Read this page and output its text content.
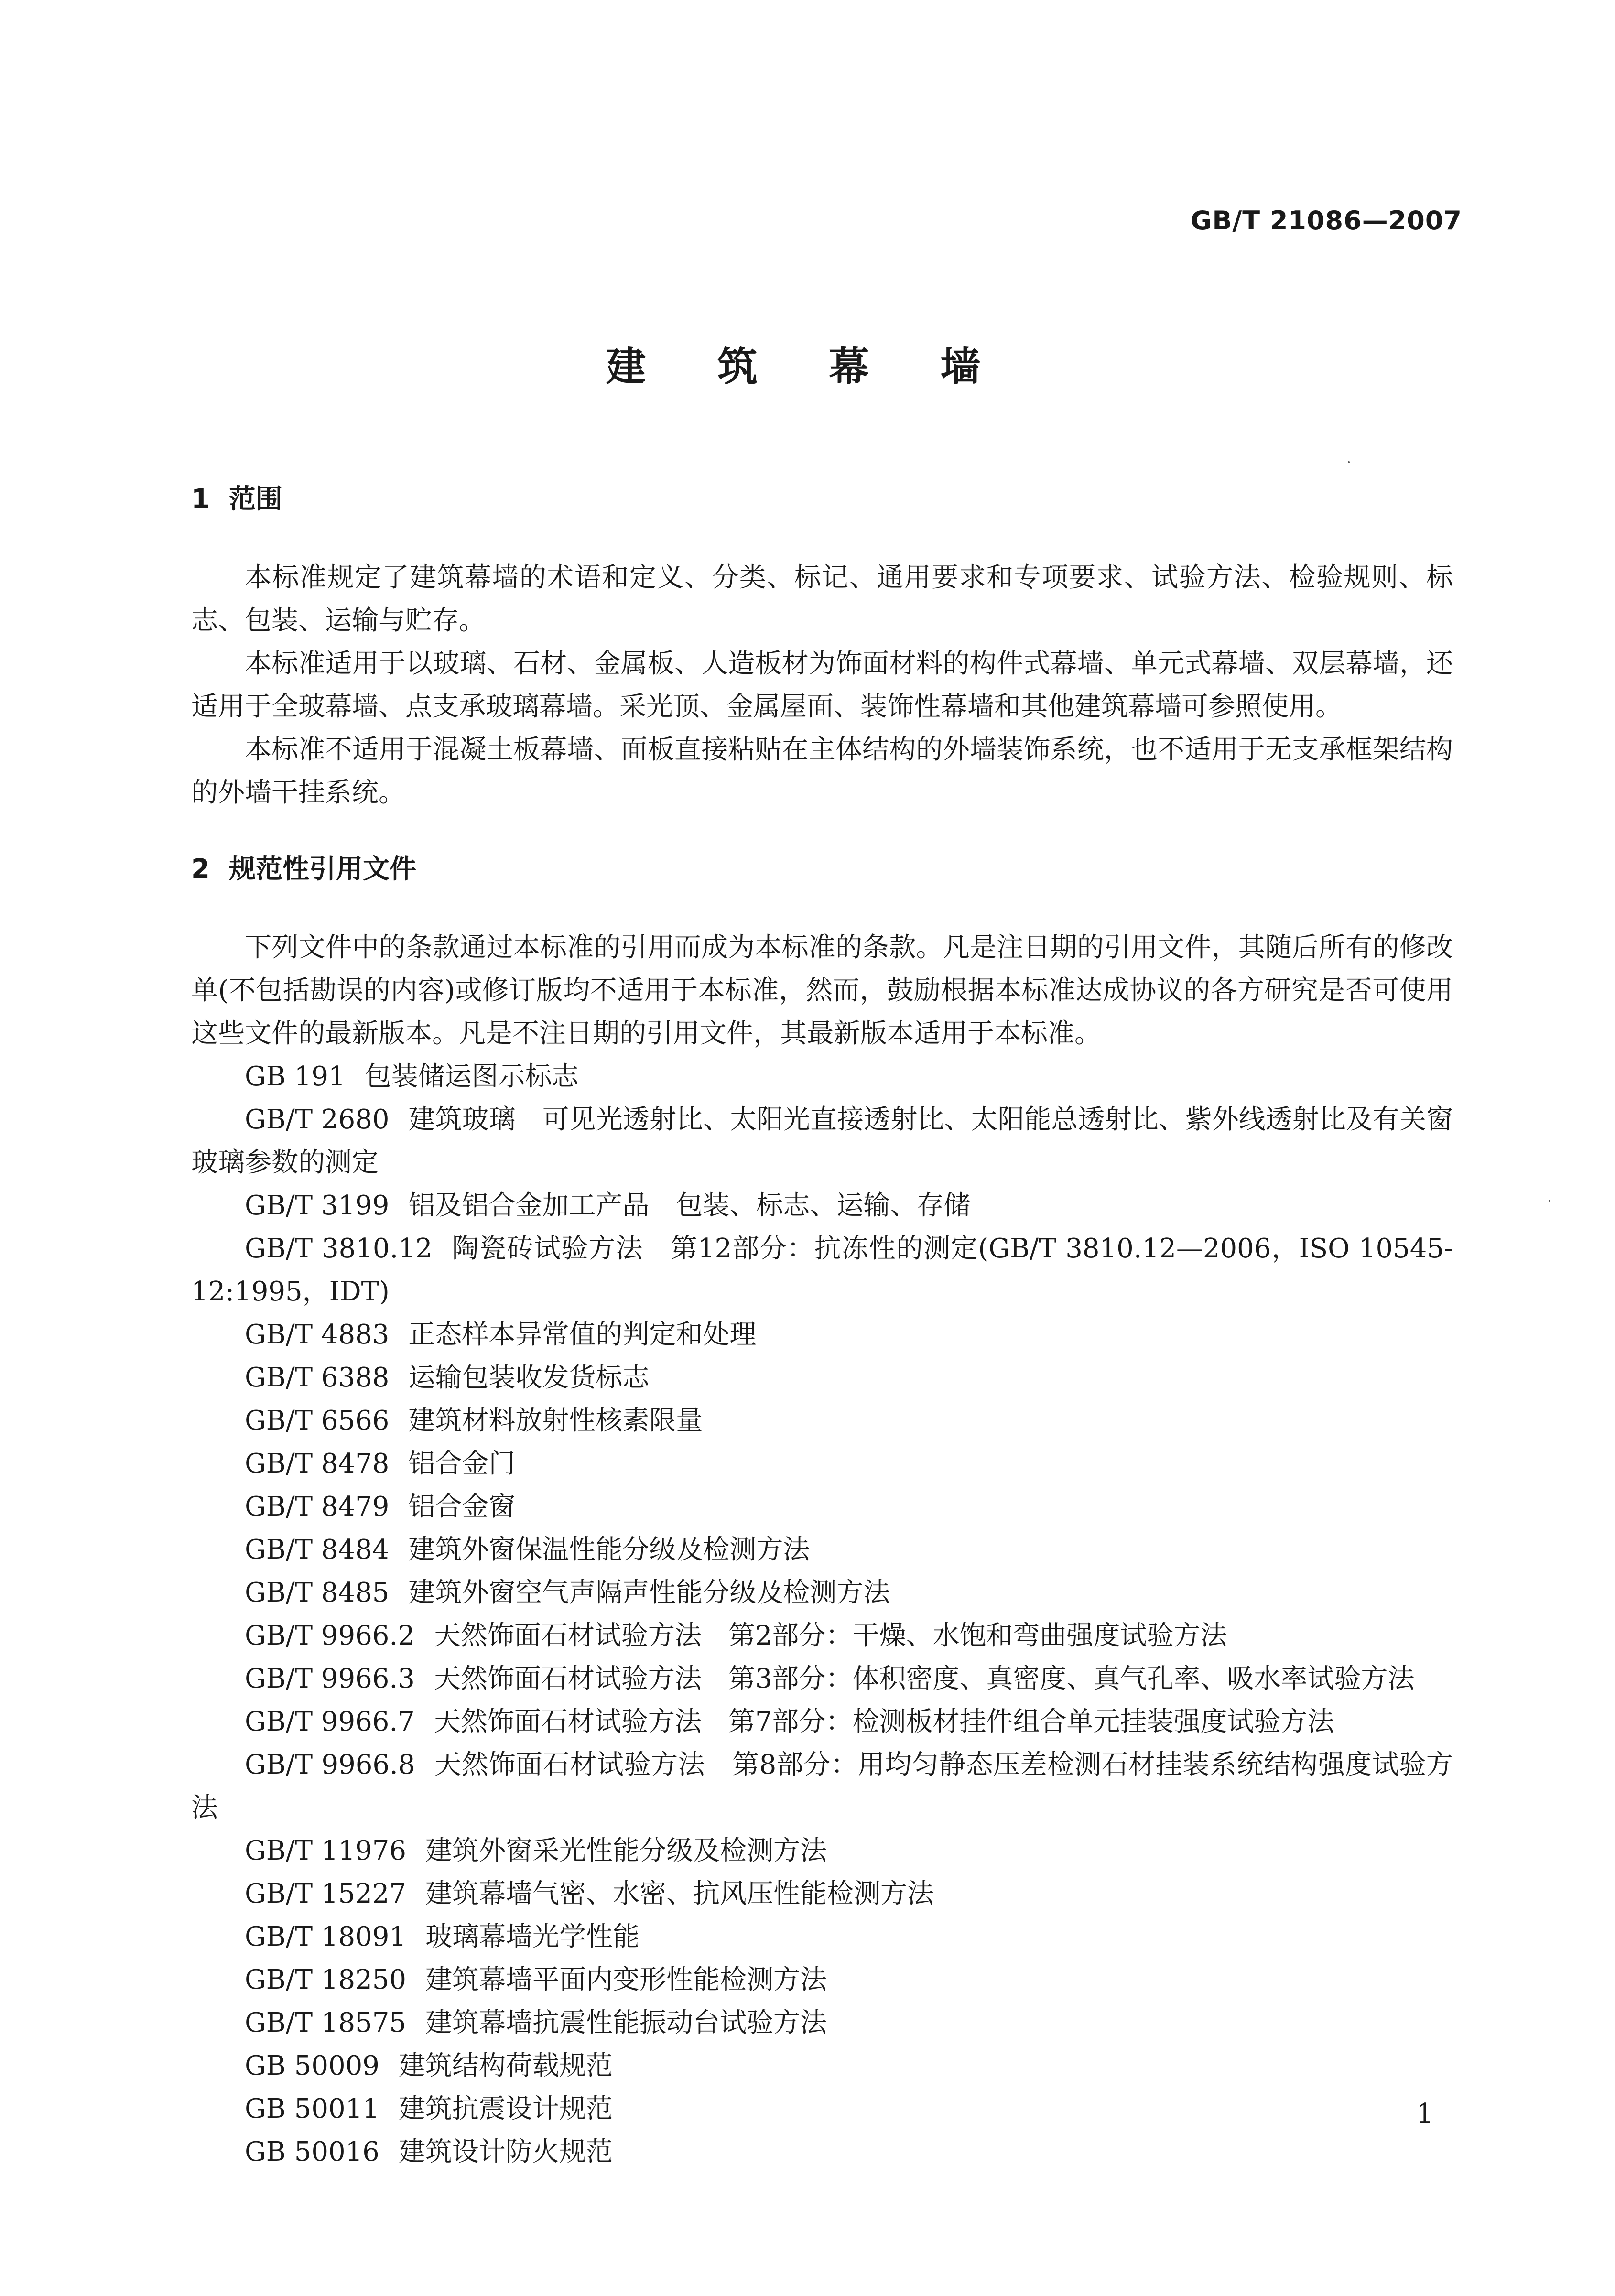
GB/T 21086—2007
建 筑 幕 墙
1 范围

本标准规定了建筑幕墙的术语和定义、分类、标记、通用要求和专项要求、试验方法、检验规则、标志、包装、运输与贮存。

本标准适用于以玻璃、石材、金属板、人造板材为饰面材料的构件式幕墙、单元式幕墙、双层幕墙，还适用于全玻幕墙、点支承玻璃幕墙。采光顶、金属屋面、装饰性幕墙和其他建筑幕墙可参照使用。

本标准不适用于混凝土板幕墙、面板直接粘贴在主体结构的外墙装饰系统，也不适用于无支承框架结构的外墙干挂系统。

2 规范性引用文件

下列文件中的条款通过本标准的引用而成为本标准的条款。凡是注日期的引用文件，其随后所有的修改单(不包括勘误的内容)或修订版均不适用于本标准，然而，鼓励根据本标准达成协议的各方研究是否可使用这些文件的最新版本。凡是不注日期的引用文件，其最新版本适用于本标准。

GB 191 包装储运图示标志

GB/T 2680 建筑玻璃　可见光透射比、太阳光直接透射比、太阳能总透射比、紫外线透射比及有关窗玻璃参数的测定

GB/T 3199 铝及铝合金加工产品　包装、标志、运输、存储

GB/T 3810.12 陶瓷砖试验方法　第12部分：抗冻性的测定(GB/T 3810.12—2006，ISO 10545-12:1995，IDT)

GB/T 4883 正态样本异常值的判定和处理

GB/T 6388 运输包装收发货标志

GB/T 6566 建筑材料放射性核素限量

GB/T 8478 铝合金门

GB/T 8479 铝合金窗

GB/T 8484 建筑外窗保温性能分级及检测方法

GB/T 8485 建筑外窗空气声隔声性能分级及检测方法

GB/T 9966.2 天然饰面石材试验方法　第2部分：干燥、水饱和弯曲强度试验方法

GB/T 9966.3 天然饰面石材试验方法　第3部分：体积密度、真密度、真气孔率、吸水率试验方法

GB/T 9966.7 天然饰面石材试验方法　第7部分：检测板材挂件组合单元挂装强度试验方法

GB/T 9966.8 天然饰面石材试验方法　第8部分：用均匀静态压差检测石材挂装系统结构强度试验方法

GB/T 11976 建筑外窗采光性能分级及检测方法

GB/T 15227 建筑幕墙气密、水密、抗风压性能检测方法

GB/T 18091 玻璃幕墙光学性能

GB/T 18250 建筑幕墙平面内变形性能检测方法

GB/T 18575 建筑幕墙抗震性能振动台试验方法

GB 50009 建筑结构荷载规范

GB 50011 建筑抗震设计规范

GB 50016 建筑设计防火规范

1
